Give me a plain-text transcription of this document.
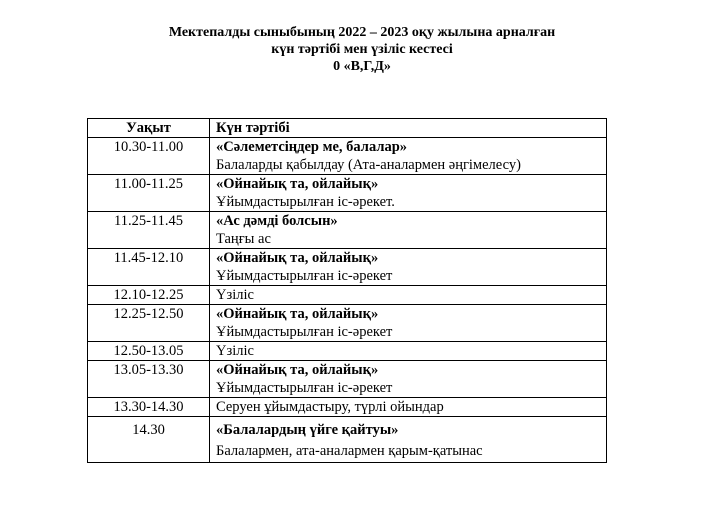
Мектепалды сыныбының 2022 – 2023 оқу жылына арналған
күн тәртібі мен үзіліс кестесі
0 «В,Г,Д»
Уақыт	Күн тәртібі
10.30-11.00	«Сәлеметсіңдер ме, балалар»
Балаларды қабылдау (Ата-аналармен әңгімелесу)

11.00-11.25	«Ойнайық та, ойлайық»
Ұйымдастырылған іс-әрекет.

11.25-11.45	«Ас дәмді болсын»
Таңғы ас

11.45-12.10	«Ойнайық та, ойлайық»
Ұйымдастырылған іс-әрекет

12.10-12.25	Үзіліс

12.25-12.50	«Ойнайық та, ойлайық»
Ұйымдастырылған іс-әрекет

12.50-13.05	Үзіліс

13.05-13.30	«Ойнайық та, ойлайық»
Ұйымдастырылған іс-әрекет

13.30-14.30	Серуен ұйымдастыру, түрлі ойындар

14.30	«Балалардың үйге қайтуы»
Балалармен, ата-аналармен қарым-қатынас
